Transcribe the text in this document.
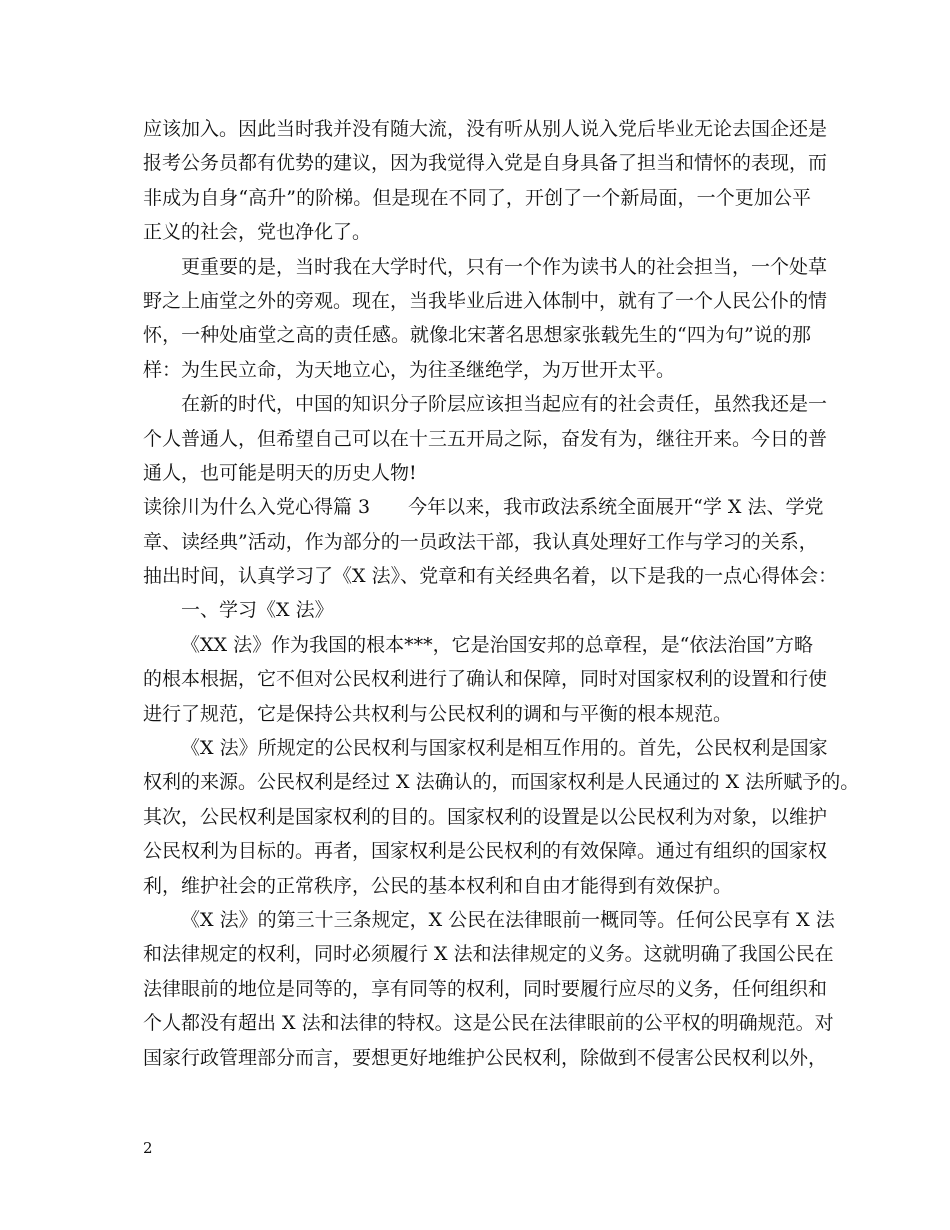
应该加入。因此当时我并没有随大流，没有听从别人说入党后毕业无论去国企还是
报考公务员都有优势的建议，因为我觉得入党是自身具备了担当和情怀的表现，而
非成为自身“高升”的阶梯。但是现在不同了，开创了一个新局面，一个更加公平
正义的社会，党也净化了。
更重要的是，当时我在大学时代，只有一个作为读书人的社会担当，一个处草
野之上庙堂之外的旁观。现在，当我毕业后进入体制中，就有了一个人民公仆的情
怀，一种处庙堂之高的责任感。就像北宋著名思想家张载先生的“四为句”说的那
样：为生民立命，为天地立心，为往圣继绝学，为万世开太平。
在新的时代，中国的知识分子阶层应该担当起应有的社会责任，虽然我还是一
个人普通人，但希望自己可以在十三五开局之际，奋发有为，继往开来。今日的普
通人，也可能是明天的历史人物!
读徐川为什么入党心得篇 3　　今年以来，我市政法系统全面展开“学 X 法、学党
章、读经典”活动，作为部分的一员政法干部，我认真处理好工作与学习的关系，
抽出时间，认真学习了《X 法》、党章和有关经典名着，以下是我的一点心得体会：
一、学习《X 法》
《XX 法》作为我国的根本***，它是治国安邦的总章程，是“依法治国”方略
的根本根据，它不但对公民权利进行了确认和保障，同时对国家权利的设置和行使
进行了规范，它是保持公共权利与公民权利的调和与平衡的根本规范。
《X 法》所规定的公民权利与国家权利是相互作用的。首先，公民权利是国家
权利的来源。公民权利是经过 X 法确认的，而国家权利是人民通过的 X 法所赋予的。
其次，公民权利是国家权利的目的。国家权利的设置是以公民权利为对象，以维护
公民权利为目标的。再者，国家权利是公民权利的有效保障。通过有组织的国家权
利，维护社会的正常秩序，公民的基本权利和自由才能得到有效保护。
《X 法》的第三十三条规定，X 公民在法律眼前一概同等。任何公民享有 X 法
和法律规定的权利，同时必须履行 X 法和法律规定的义务。这就明确了我国公民在
法律眼前的地位是同等的，享有同等的权利，同时要履行应尽的义务，任何组织和
个人都没有超出 X 法和法律的特权。这是公民在法律眼前的公平权的明确规范。对
国家行政管理部分而言，要想更好地维护公民权利，除做到不侵害公民权利以外，
2
